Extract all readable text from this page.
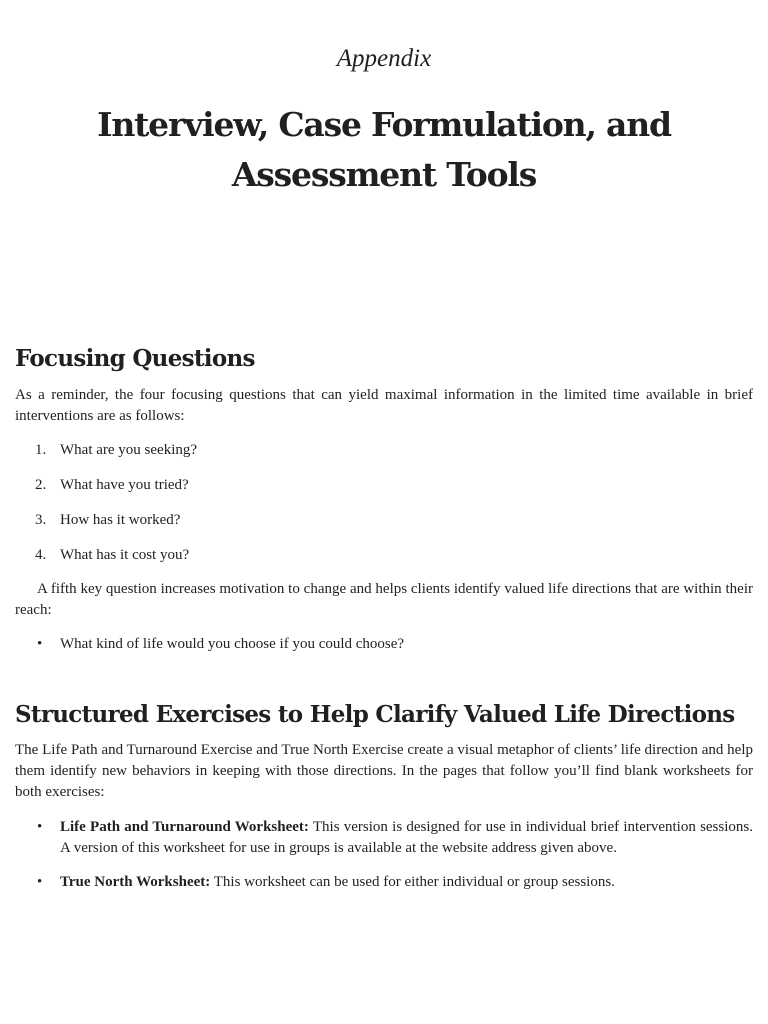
Appendix
Interview, Case Formulation, and
Assessment Tools
Focusing Questions

As a reminder, the four focusing questions that can yield maximal information in the limited time available in brief interventions are as follows:

1. What are you seeking?
2. What have you tried?
3. How has it worked?
4. What has it cost you?

A fifth key question increases motivation to change and helps clients identify valued life directions that are within their reach:

•	What kind of life would you choose if you could choose?
Structured Exercises to Help Clarify Valued Life Directions

The Life Path and Turnaround Exercise and True North Exercise create a visual metaphor of clients’ life direction and help them identify new behaviors in keeping with those directions. In the pages that follow you’ll find blank worksheets for both exercises:

•	Life Path and Turnaround Worksheet: This version is designed for use in individual brief intervention sessions. A version of this worksheet for use in groups is available at the website address given above.
•	True North Worksheet: This worksheet can be used for either individual or group sessions.
